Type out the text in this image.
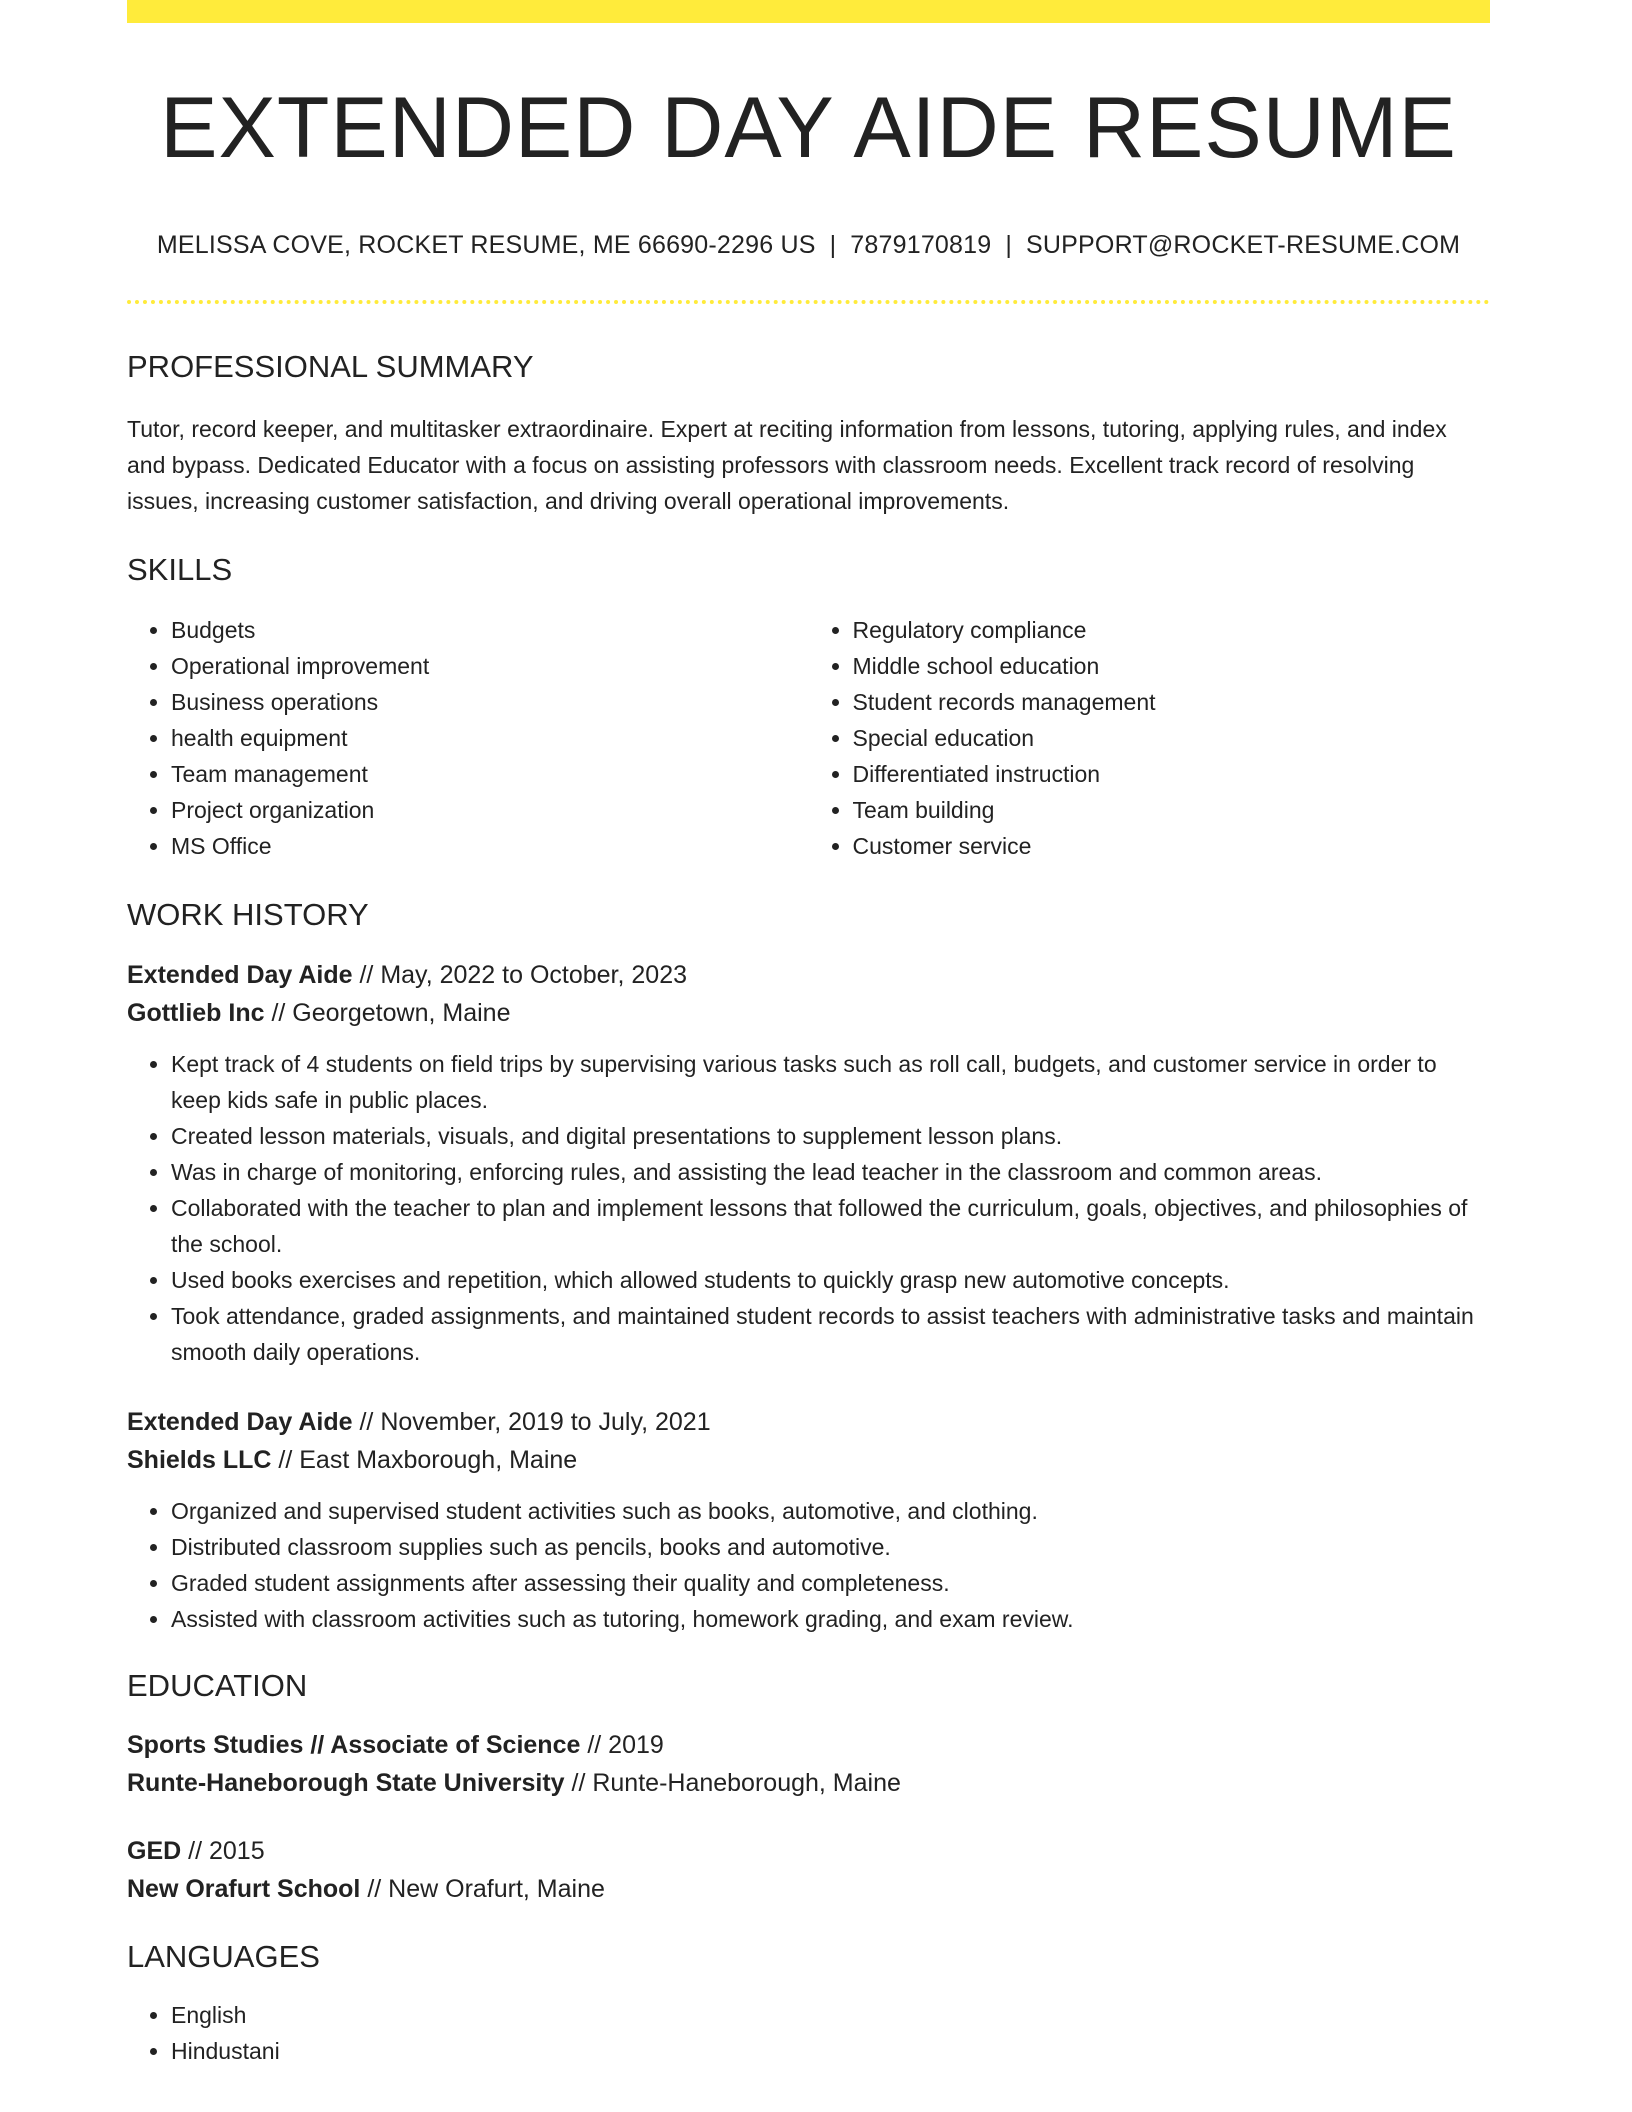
EXTENDED DAY AIDE RESUME
MELISSA COVE, ROCKET RESUME, ME 66690-2296 US | 7879170819 | SUPPORT@ROCKET-RESUME.COM
PROFESSIONAL SUMMARY

Tutor, record keeper, and multitasker extraordinaire. Expert at reciting information from lessons, tutoring, applying rules, and index and bypass. Dedicated Educator with a focus on assisting professors with classroom needs. Excellent track record of resolving issues, increasing customer satisfaction, and driving overall operational improvements.

SKILLS
• Budgets
• Operational improvement
• Business operations
• health equipment
• Team management
• Project organization
• MS Office
• Regulatory compliance
• Middle school education
• Student records management
• Special education
• Differentiated instruction
• Team building
• Customer service
WORK HISTORY
Extended Day Aide // May, 2022 to October, 2023
Gottlieb Inc // Georgetown, Maine
• Kept track of 4 students on field trips by supervising various tasks such as roll call, budgets, and customer service in order to keep kids safe in public places.
• Created lesson materials, visuals, and digital presentations to supplement lesson plans.
• Was in charge of monitoring, enforcing rules, and assisting the lead teacher in the classroom and common areas.
• Collaborated with the teacher to plan and implement lessons that followed the curriculum, goals, objectives, and philosophies of the school.
• Used books exercises and repetition, which allowed students to quickly grasp new automotive concepts.
• Took attendance, graded assignments, and maintained student records to assist teachers with administrative tasks and maintain smooth daily operations.
Extended Day Aide // November, 2019 to July, 2021
Shields LLC // East Maxborough, Maine
• Organized and supervised student activities such as books, automotive, and clothing.
• Distributed classroom supplies such as pencils, books and automotive.
• Graded student assignments after assessing their quality and completeness.
• Assisted with classroom activities such as tutoring, homework grading, and exam review.
EDUCATION
Sports Studies // Associate of Science // 2019
Runte-Haneborough State University // Runte-Haneborough, Maine
GED // 2015
New Orafurt School // New Orafurt, Maine
LANGUAGES
• English
• Hindustani
